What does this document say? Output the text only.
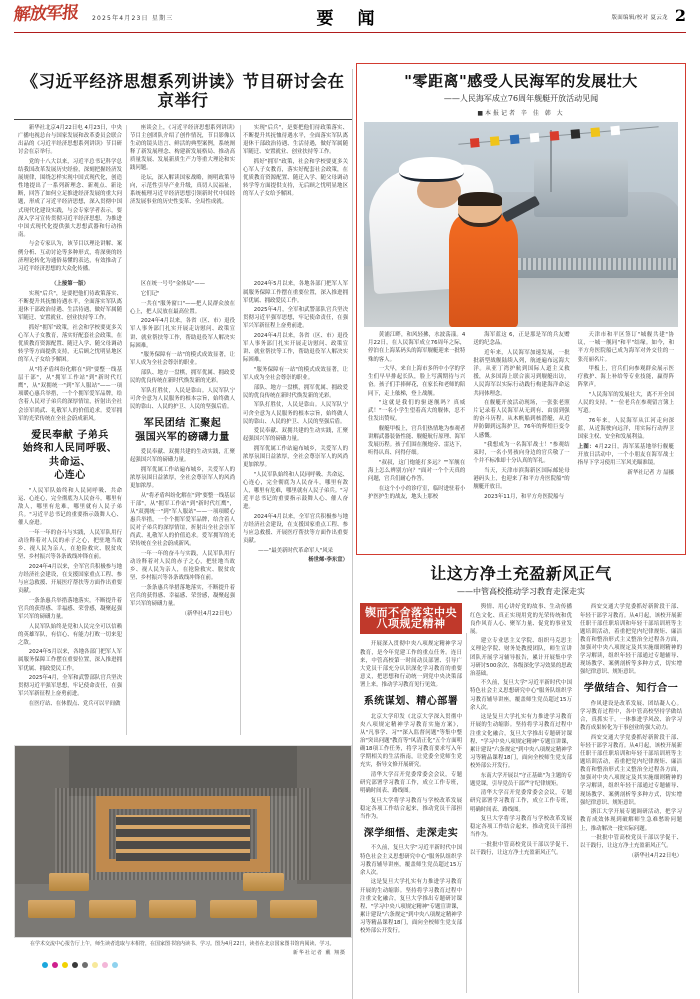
解放军报 2025年4月23日 星期三	要 闻	版面编辑/校对 夏云龙 2
《习近平经济思想系列讲读》节目研讨会在京举行

新华社北京4月22日电 4月23日，中央广播电视总台与国家发展和改革委员会联合出品的《习近平经济思想系列讲读》节目研讨会在京举行。

党的十八大以来，习近平总书记科学总结我国改革发展历史经验，深刻把握经济发展规律，围绕怎样实现中国式现代化，创造性地提出了一系列新理念、新观点、新论断，回答了如何立足推进经济发展的重大问题，形成了习近平经济思想，深入贯彻中国式现代化建设实践，与会专家学者表示，要深入学习宣传贯彻习近平经济思想，为推进中国式现代化提供强大思想武器和行动指南。

与会专家认为，该节目以理论讲解、案例分析、互动讨论等多种形式，将深奥的经济理论转化为通俗易懂的表达，有效推动了习近平经济思想的大众化传播。

座谈会上，《习近平经济思想系列讲读》节目主创团队介绍了创作情况，节目影像以生动的镜头语言、鲜活的典型案例，系统阐释了新发展理念、构建新发展格局、推动高质量发展、发展新质生产力等重大理论和实践问题。

论坛，深入解读国家战略，阐明政策导向，示范性引导产业升级，真切人民福祉，系统梳理习近平经济思想引领新时代中国经济发展事业的历史性变革、全局性成就。

实现"后兵"，是要把他们待政策落实、不断提升其抚恤待遇水平，全面落实军队离退休干部政治待遇、生活待遇，做好军属随军随迁、安置就业、创业扶持等工作。

抓好"拥军"政策，社会和学校要更多关心军人子女教育，落实好配套社会政策，在优质教育资源配置、随迁入学、随父母调动转学等方面提供支持，无后顾之忧明显地区的军人子女给予解困。

（上接第一版）

实现"后兵"，是要把他们待政策落实、不断提升其抚恤待遇水平，全面落实军队离退休干部政治待遇、生活待遇，做好军属随军随迁、安置就业、创业扶持等工作。

抓好"拥军"政策，社会和学校要更多关心军人子女教育，落实好配套社会政策，在优质教育资源配置、随迁入学、随父母调动转学等方面提供支持，无后顾之忧明显地区的军人子女给予解困。

从"将矛盾纠纷化解在"到"要整一线基层干部"，从"拥军工作站"到"新时代红鹰"，从"双拥统一"到"军人服站"——一项项暖心惠兵举措，一个个拥军爱军品牌，给含着人民对子弟兵的深厚情谊，折射出全社会崇军尚武、礼敬军人的价值追求。爱军拥军的光荣传统在全社会蔚成新风。

爱民奉献 子弟兵
始终和人民同呼吸、共命运、
心连心

"人民军队始终和人民同呼吸、共命运、心连心，完全彻底为人民奋斗，哪里有敌人，哪里有危难，哪里就有人民子弟兵。"习近平总书记的重要指示鼓舞人心、催人奋进。

一年一年的奋斗与实践，人民军队用行动诠释着对人民的赤子之心，把驻地当故乡、视人民为亲人，在抢险救灾、脱贫攻坚、乡村振兴等各条战线冲锋在前。

2024年4月以来，全军官兵积极参与地方经济社会建设，在支援国家重点工程、参与应急救援、开展医疗帮扶等方面作出重要贡献。

一条条惠兵举措落地落实，不断提升着官兵的获得感、幸福感、荣誉感，凝聚起强军兴军的磅礴力量。

人民军队始终是党和人民完全可以信赖的英雄军队，有信心、有能力打败一切来犯之敌。

2024年5月以来，各地各部门把军人军属服务保障工作摆在重要位置，深入推进拥军优属、拥政爱民工作。

2025年4月，全军和武警部队官兵坚决贯彻习近平强军思想，牢记使命责任，在强军兴军新征程上奋勇前进。

在医疗站、在休假点、党兵可以平间做

区在统一号号"金体局"——

它们记"

一共在"服务窗口"——把人民群众放在心上，把人民放在最高位置。

2024年4月以来，各省（区、市）退役军人事务部门扎实开展走访慰问、政策宣讲、就业帮扶等工作，帮助退役军人解决实际困难。

"服务保障有一站"的模式成效显著，让军人成为全社会尊崇的职业。

部队、地方一盘棋，拥军优属、拥政爱民的优良传统在新时代焕发新的光彩。

军队打胜仗，人民是靠山。人民军队宁可舍全意为人民服务的根本宗旨，始终做人民的靠山、人民的护卫、人民的坚强后盾。

军民团结 汇聚起
强国兴军的磅礴力量

爱民奉献、双拥共建的生动实践，汇聚起强国兴军的磅礴力量。

拥军优属工作站遍布城乡，关爱军人的浓厚氛围日益浓厚，全社会尊崇军人的风尚更加浓厚。

从"将矛盾纠纷化解在"到"要整一线基层干部"，从"拥军工作站"到"新时代红鹰"，从"双拥统一"到"军人服站"——一项项暖心惠兵举措，一个个拥军爱军品牌，给含着人民对子弟兵的深厚情谊，折射出全社会崇军尚武、礼敬军人的价值追求。爱军拥军的光荣传统在全社会蔚成新风。

一年一年的奋斗与实践，人民军队用行动诠释着对人民的赤子之心，把驻地当故乡、视人民为亲人，在抢险救灾、脱贫攻坚、乡村振兴等各条战线冲锋在前。

一条条惠兵举措落地落实，不断提升着官兵的获得感、幸福感、荣誉感，凝聚起强军兴军的磅礴力量。

（新华社4月22日电）

2024年5月以来，各地各部门把军人军属服务保障工作摆在重要位置，深入推进拥军优属、拥政爱民工作。

2025年4月，全军和武警部队官兵坚决贯彻习近平强军思想，牢记使命责任，在强军兴军新征程上奋勇前进。

2024年4月以来，各省（区、市）退役军人事务部门扎实开展走访慰问、政策宣讲、就业帮扶等工作，帮助退役军人解决实际困难。

"服务保障有一站"的模式成效显著，让军人成为全社会尊崇的职业。

部队、地方一盘棋，拥军优属、拥政爱民的优良传统在新时代焕发新的光彩。

军队打胜仗，人民是靠山。人民军队宁可舍全意为人民服务的根本宗旨，始终做人民的靠山、人民的护卫、人民的坚强后盾。

爱民奉献、双拥共建的生动实践，汇聚起强国兴军的磅礴力量。

拥军优属工作站遍布城乡，关爱军人的浓厚氛围日益浓厚，全社会尊崇军人的风尚更加浓厚。

"人民军队始终和人民同呼吸、共命运、心连心，完全彻底为人民奋斗，哪里有敌人，哪里有危难，哪里就有人民子弟兵。"习近平总书记的重要指示鼓舞人心、催人奋进。

2024年4月以来，全军官兵积极参与地方经济社会建设，在支援国家重点工程、参与应急救援、开展医疗帮扶等方面作出重要贡献。

——"最美新时代革命军人"风采

杨世烯·李东宣）

"零距离"感受人民海军的发展壮大
——人民海军成立76周年舰艇开放活动见闻
■本报记者 辛 佳 韩 大

黄浦江畔，和风轻拂，水波荡漾。4月22日，在人民海军成立76周年之际，停泊在上海某码头的海军舰艇迎来一批特殊的客人。

一大早，来自上海市多所中小学的学生们早早排起长队，脸上写满期待与兴奋。孩子们手捧鲜花，在家长和老师的陪同下，走上舷梯，登上战舰。

"这就是我们的驱逐舰吗？真威武！"一名小学生望着高大的舰体，忍不住发出赞叹。

舰艇甲板上，官兵们热情地为参观者讲解武器装备性能、舰艇航行原理、海军发展历程。孩子们围在舰炮旁、雷达下，听得认真、问得仔细。

"叔叔，这门炮能打多远？""军舰在海上怎么辨别方向？"面对一个个天真的问题，官兵们耐心作答。

在这个小小的诊疗室，临时进驻着小护医护生的战友，地头上那校

海军蓝这 6，正是那是军的兵友赠送的纪念品。

近年来，人民海军加速发展，一批批新型战舰陆续入列，航迹遍布远海大洋。从亚丁湾护航到国际人道主义救援，从多国海上联合演习到舰艇出访，人民海军以实际行动践行构建海洋命运共同体理念。

在舰艇开放活动现场，一张张老照片记录着人民海军从无到有、由弱到强的奋斗历程。从木帆船到核潜艇，从近岸防御到远海护卫，76年的辉煌巨变令人感慨。

"我想成为一名海军战士！"参观结束时，一名小男孩向身边的官兵敬了一个并不标准却十分认真的军礼。

当天，天津市滨海新区国际邮轮母港码头上，也迎来了和平方舟医院船"的舰艇开放日。

2023年11月，和平方舟医院船与

天津市和平区签订"城舰共建"协议，一城一舰同"和平"结缘。如今，和平方舟医院船已成为海军对外交往的一张亮丽名片。

甲板上，官兵们向参观群众展示医疗救护、海上补给等专业技能，赢得阵阵掌声。

"人民海军的发展壮大，离不开全国人民的支持。"一位老兵在参观留言簿上写道。

76年来，人民海军从江河走向深蓝，从近海驶向远洋，用实际行动捍卫国家主权、安全和发展利益。

上图：4月22日，海军某基地举行舰艇开放日活动中，一个小朋友在海军战士指导下学习使用三军风光瞄准镜。

新华社记者 方 喆摄

让这方净土充盈新风正气
——中管高校推动学习教育走深走实
锲而不舍落实中央八项规定精神

开展深入贯彻中央八项规定精神学习教育，是今年党建工作的重点任务。连日来，中管高校第一时间动员部署、引导广大党员干部充分认识深化学习教育的重要意义，把思想和行动统一到党中央决策部署上来，推动学习教育见行见效。

系统谋划、精心部署

北京大学印发《北京大学深入贯彻中央八项规定精神学习教育实施方案》，从"凡事学、习""深入监督问题"等集中整治"突出问题"教育等"风清正化"五个方面明确18项工作任务，将学习教育要求写入年学期相关的生活指南，让党委全党师生党充实，指导文修开展研究。

清华大学召开党委常委会会议，专题研究部署学习教育工作，成立工作专班，明确时间表、路线图。

复旦大学将学习教育与学校改革发展稳定各项工作结合起来，推动党员干部担当作为。

深学细悟、走深走实

不久前，复旦大学"习近平新时代中国特色社会主义思想研究中心"服务队组织学习教育辅导讲座，覆盖师生党员超过15万余人次。

这是复旦大学扎实有力推进学习教育开展的生动缩影。坚持将学习教育过程中注重文化融合，复旦大学推出专题研讨课程、"学习中央八项规定精神"专题宣讲课，累计建设"六条规定"到中央八项规定精神学习等精品课程18门，面向全校师生党支部校外部公开发行。

舆情、用心讲好党的故事、生动传播红色文化、真正实现用党的光荣传统和优良作风育人心、聚军力量、促党的事业发展。

建立专业思主义学院、组织马克思主义理论学院、财务处教授团队，师生宣讲团队开展学习辅导报告，累计开展集中学习研讨500余次、各级深化学习效果的思政治基础。

不久前，复旦大学"习近平新时代中国特色社会主义思想研究中心"服务队组织学习教育辅导讲座，覆盖师生党员超过15万余人次。

这是复旦大学扎实有力推进学习教育开展的生动缩影。坚持将学习教育过程中注重文化融合，复旦大学推出专题研讨课程、"学习中央八项规定精神"专题宣讲课，累计建设"六条规定"到中央八项规定精神学习等精品课程18门，面向全校师生党支部校外部公开发行。

东南大学开展以"守正基础"为主题的专题党课，引导党员干部严守纪律规矩。

清华大学召开党委常委会会议，专题研究部署学习教育工作，成立工作专班，明确时间表、路线图。

复旦大学将学习教育与学校改革发展稳定各项工作结合起来，推动党员干部担当作为。

一批批中管高校党员干部以学促干、以干践行，让这方净土充盈新风正气。

西安交通大学党委抓好新阶段干部、年轻干部学习教育。从4月起，该校开展新任职干部任职培训和年轻干部培训班等主题培训活动，着重把党内纪律规矩、廉洁教育和整治形式主义整治全过程各方面，加强对中央八项规定及其实施细则精神的学习解读，组织年轻干部通过专题辅导、现场教学、案例剖析等多种方式，切实增强纪律意识、规矩意识。

学做结合、知行合一

作风建设是改革发展、团结凝人心。学习教育过程中，各中管高校坚持学做结合，真抓实干，一体推进学风改、治学习教育成果转化为干事创业的强大动力。

西安交通大学党委抓好新阶段干部、年轻干部学习教育。从4月起，该校开展新任职干部任职培训和年轻干部培训班等主题培训活动，着重把党内纪律规矩、廉洁教育和整治形式主义整治全过程各方面，加强对中央八项规定及其实施细则精神的学习解读，组织年轻干部通过专题辅导、现场教学、案例剖析等多种方式，切实增强纪律意识、规矩意识。

浙江大学开展专题调研活动，把学习教育成效体现到破解师生急难愁盼问题上，推动解决一批实际问题。

一批批中管高校党员干部以学促干、以干践行，让这方净土充盈新风正气。

（新华社4月22日电）

在学术交流中心报告厅上午，师生读者选取与本相符，在国家图书馆内读书、学习。图为4月22日，读者在北京国家图书馆内阅读、学习。
新华社记者 戴 翔摄
